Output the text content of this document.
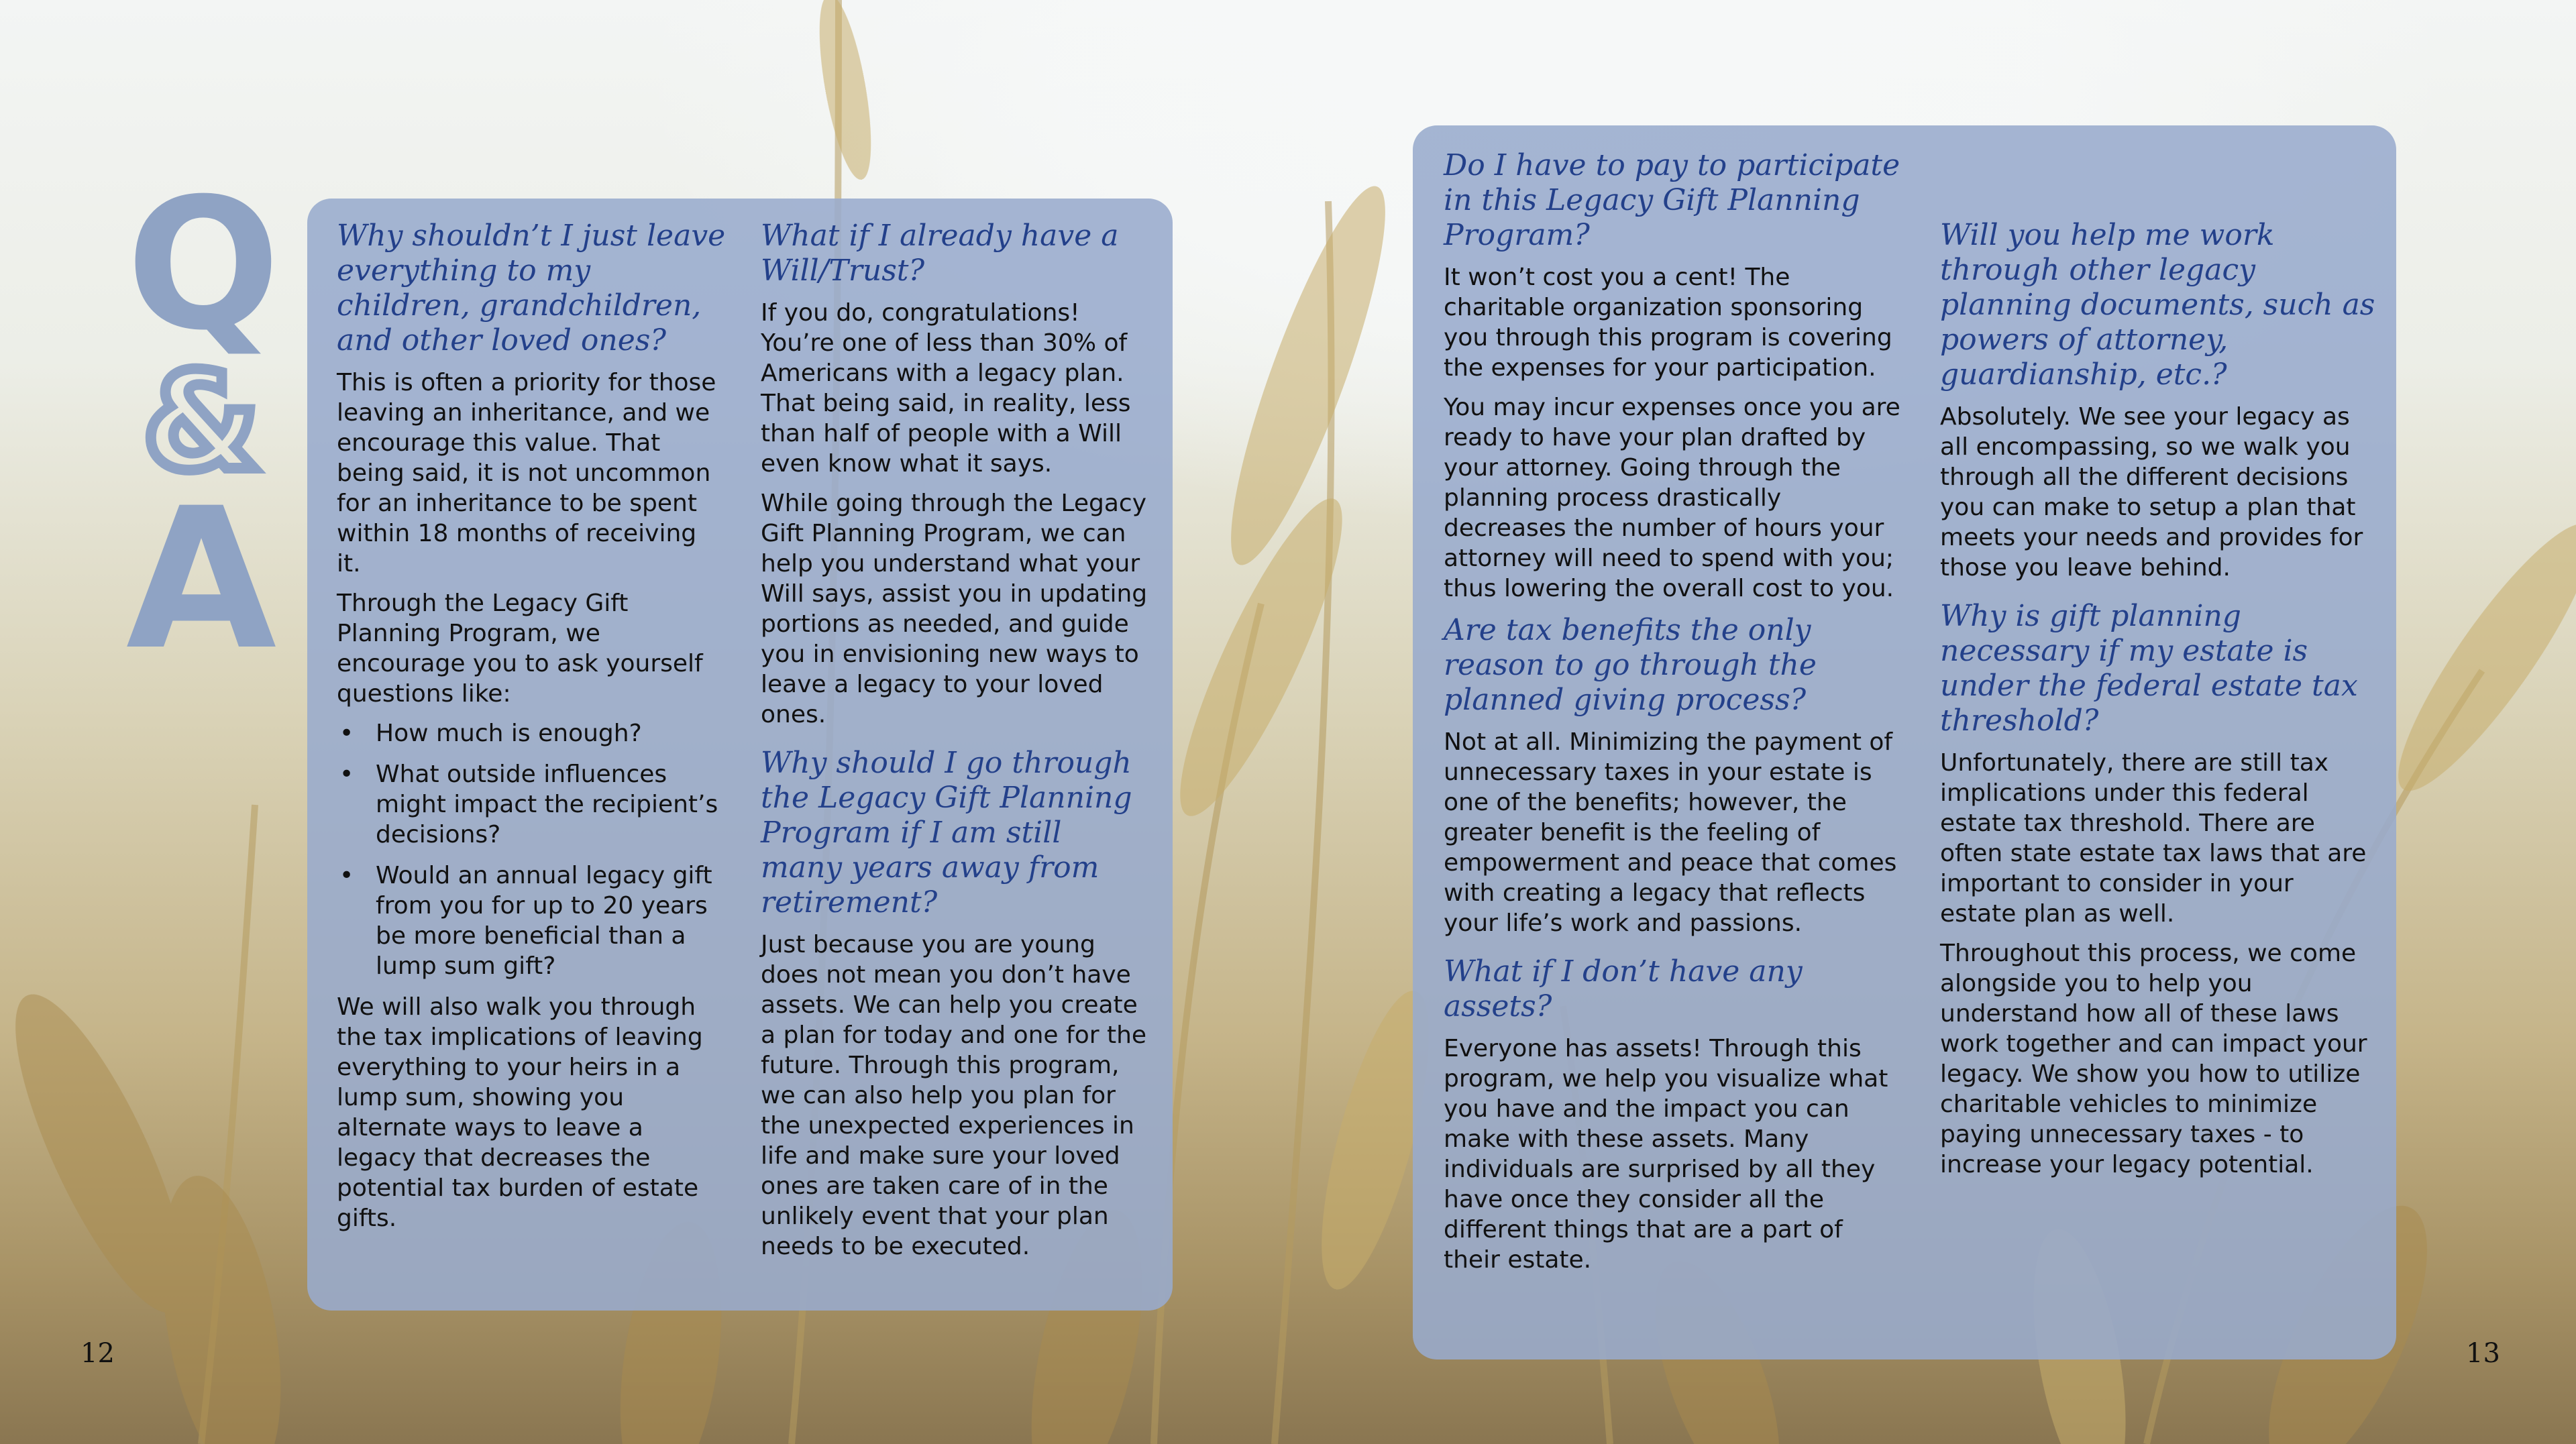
Q
&
A
Why shouldn’t I just leave everything to my children, grandchildren, and other loved ones?

This is often a priority for those leaving an inheritance, and we encourage this value. That being said, it is not uncommon for an inheritance to be spent within 18 months of receiving it.

Through the Legacy Gift Planning Program, we encourage you to ask yourself questions like:

• How much is enough?
• What outside influences might impact the recipient’s decisions?
• Would an annual legacy gift from you for up to 20 years be more beneficial than a lump sum gift?

We will also walk you through the tax implications of leaving everything to your heirs in a lump sum, showing you alternate ways to leave a legacy that decreases the potential tax burden of estate gifts.

What if I already have a Will/Trust?

If you do, congratulations! You’re one of less than 30% of Americans with a legacy plan. That being said, in reality, less than half of people with a Will even know what it says.

While going through the Legacy Gift Planning Program, we can help you understand what your Will says, assist you in updating portions as needed, and guide you in envisioning new ways to leave a legacy to your loved ones.

Why should I go through the Legacy Gift Planning Program if I am still many years away from retirement?

Just because you are young does not mean you don’t have assets. We can help you create a plan for today and one for the future. Through this program, we can also help you plan for the unexpected experiences in life and make sure your loved ones are taken care of in the unlikely event that your plan needs to be executed.

Do I have to pay to participate in this Legacy Gift Planning Program?

It won’t cost you a cent! The charitable organization sponsoring you through this program is covering the expenses for your participation.

You may incur expenses once you are ready to have your plan drafted by your attorney. Going through the planning process drastically decreases the number of hours your attorney will need to spend with you; thus lowering the overall cost to you.

Are tax benefits the only reason to go through the planned giving process?

Not at all. Minimizing the payment of unnecessary taxes in your estate is one of the benefits; however, the greater benefit is the feeling of empowerment and peace that comes with creating a legacy that reflects your life’s work and passions.

What if I don’t have any assets?

Everyone has assets! Through this program, we help you visualize what you have and the impact you can make with these assets. Many individuals are surprised by all they have once they consider all the different things that are a part of their estate.

Will you help me work through other legacy planning documents, such as powers of attorney, guardianship, etc.?

Absolutely. We see your legacy as all encompassing, so we walk you through all the different decisions you can make to setup a plan that meets your needs and provides for those you leave behind.

Why is gift planning necessary if my estate is under the federal estate tax threshold?

Unfortunately, there are still tax implications under this federal estate tax threshold. There are often state estate tax laws that are important to consider in your estate plan as well.

Throughout this process, we come alongside you to help you understand how all of these laws work together and can impact your legacy. We show you how to utilize charitable vehicles to minimize paying unnecessary taxes - to increase your legacy potential.

12	13
